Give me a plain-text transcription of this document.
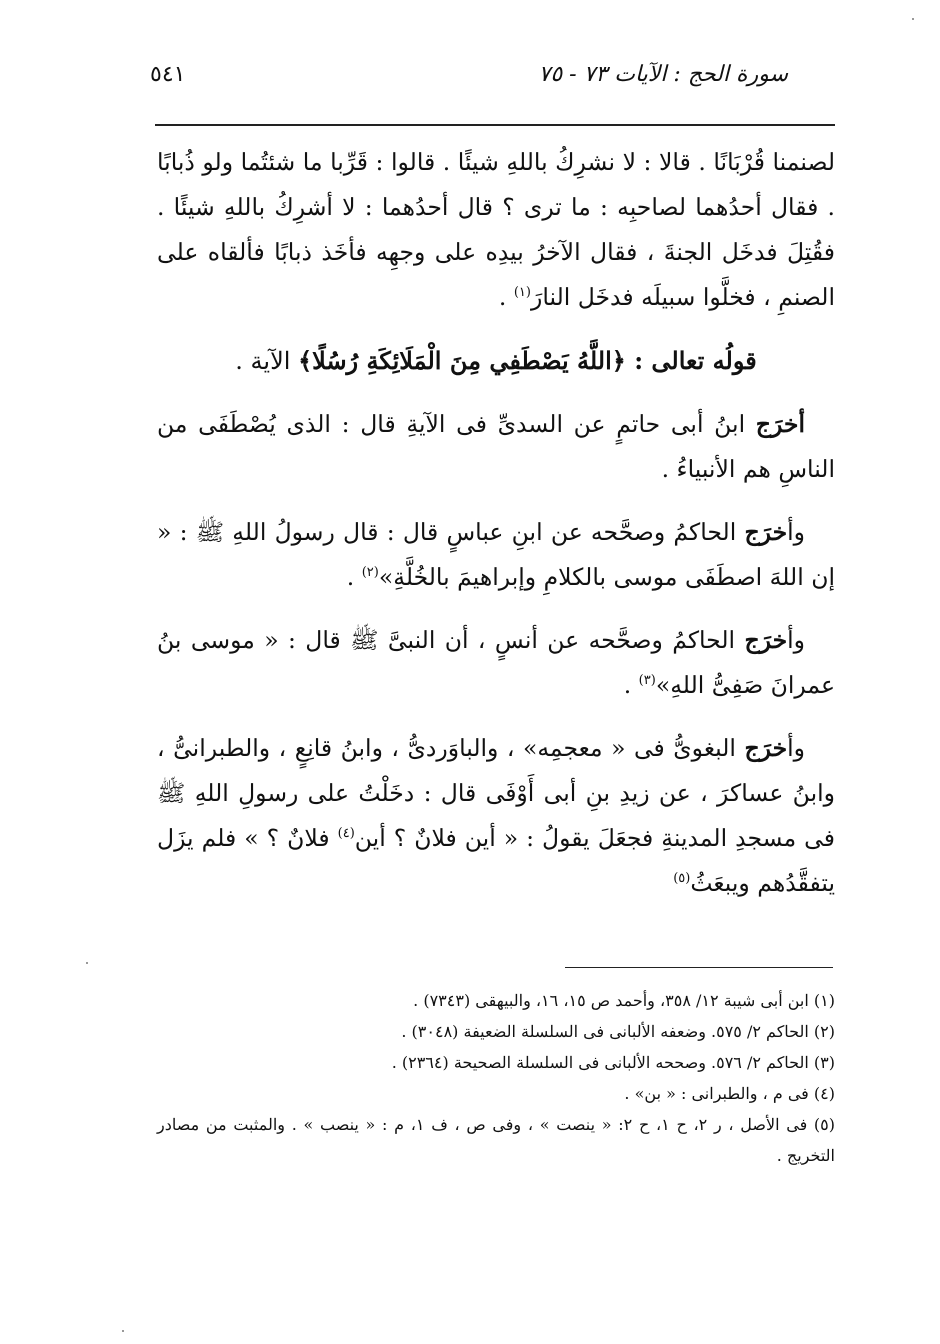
سورة الحج : الآيات ٧٣ - ٧٥
٥٤١

لصنمنا قُرْبَانًا . قالا : لا نشرِكُ باللهِ شيئًا . قالوا : قَرِّبا ما شئتُما ولو ذُبابًا . فقال أحدُهما لصاحبِه : ما ترى ؟ قال أحدُهما : لا أشرِكُ باللهِ شيئًا . فقُتِلَ فدخَل الجنةَ ، فقال الآخرُ بيدِه على وجهِه فأخَذ ذبابًا فألقاه على الصنمِ ، فخلَّوا سبيلَه فدخَل النارَ$^{(١)}$ .

قولُه تعالى : ﴿اللَّهُ يَصْطَفِي مِنَ الْمَلَائِكَةِ رُسُلًا﴾ الآية .

أخرَج ابنُ أبى حاتمٍ عن السدىِّ فى الآيةِ قال : الذى يُصْطَفَى من الناسِ هم الأنبياءُ .

وأخرَج الحاكمُ وصحَّحه عن ابنِ عباسٍ قال : قال رسولُ اللهِ ﷺ : « إن اللهَ اصطَفَى موسى بالكلامِ وإبراهيمَ بالخُلَّةِ»$^{(٢)}$ .

وأخرَج الحاكمُ وصحَّحه عن أنسٍ ، أن النبىَّ ﷺ قال : « موسى بنُ عمرانَ صَفِىُّ اللهِ»$^{(٣)}$ .

وأخرَج البغوىُّ فى « معجمِه» ، والباوَردىُّ ، وابنُ قانِعٍ ، والطبرانىُّ ، وابنُ عساكرَ ، عن زيدِ بنِ أبى أَوْفَى قال : دخَلْتُ على رسولِ اللهِ ﷺ فى مسجدِ المدينةِ فجعَلَ يقولُ : « أين فلانٌ ؟ أين$^{(٤)}$ فلانٌ ؟ » فلم يزَل يتفقَّدُهم ويبعَثُ$^{(٥)}$

(١) ابن أبى شيبة ١٢/ ٣٥٨، وأحمد ص ١٥، ١٦، والبيهقى (٧٣٤٣) .

(٢) الحاكم ٢/ ٥٧٥. وضعفه الألبانى فى السلسلة الضعيفة (٣٠٤٨) .

(٣) الحاكم ٢/ ٥٧٦. وصححه الألبانى فى السلسلة الصحيحة (٢٣٦٤) .

(٤) فى م ، والطبرانى : « بن» .

(٥) فى الأصل ، ر ٢، ح ١، ح ٢: « ينصت » ، وفى ص ، ف ١، م : « ينصب » . والمثبت من مصادر التخريج .
